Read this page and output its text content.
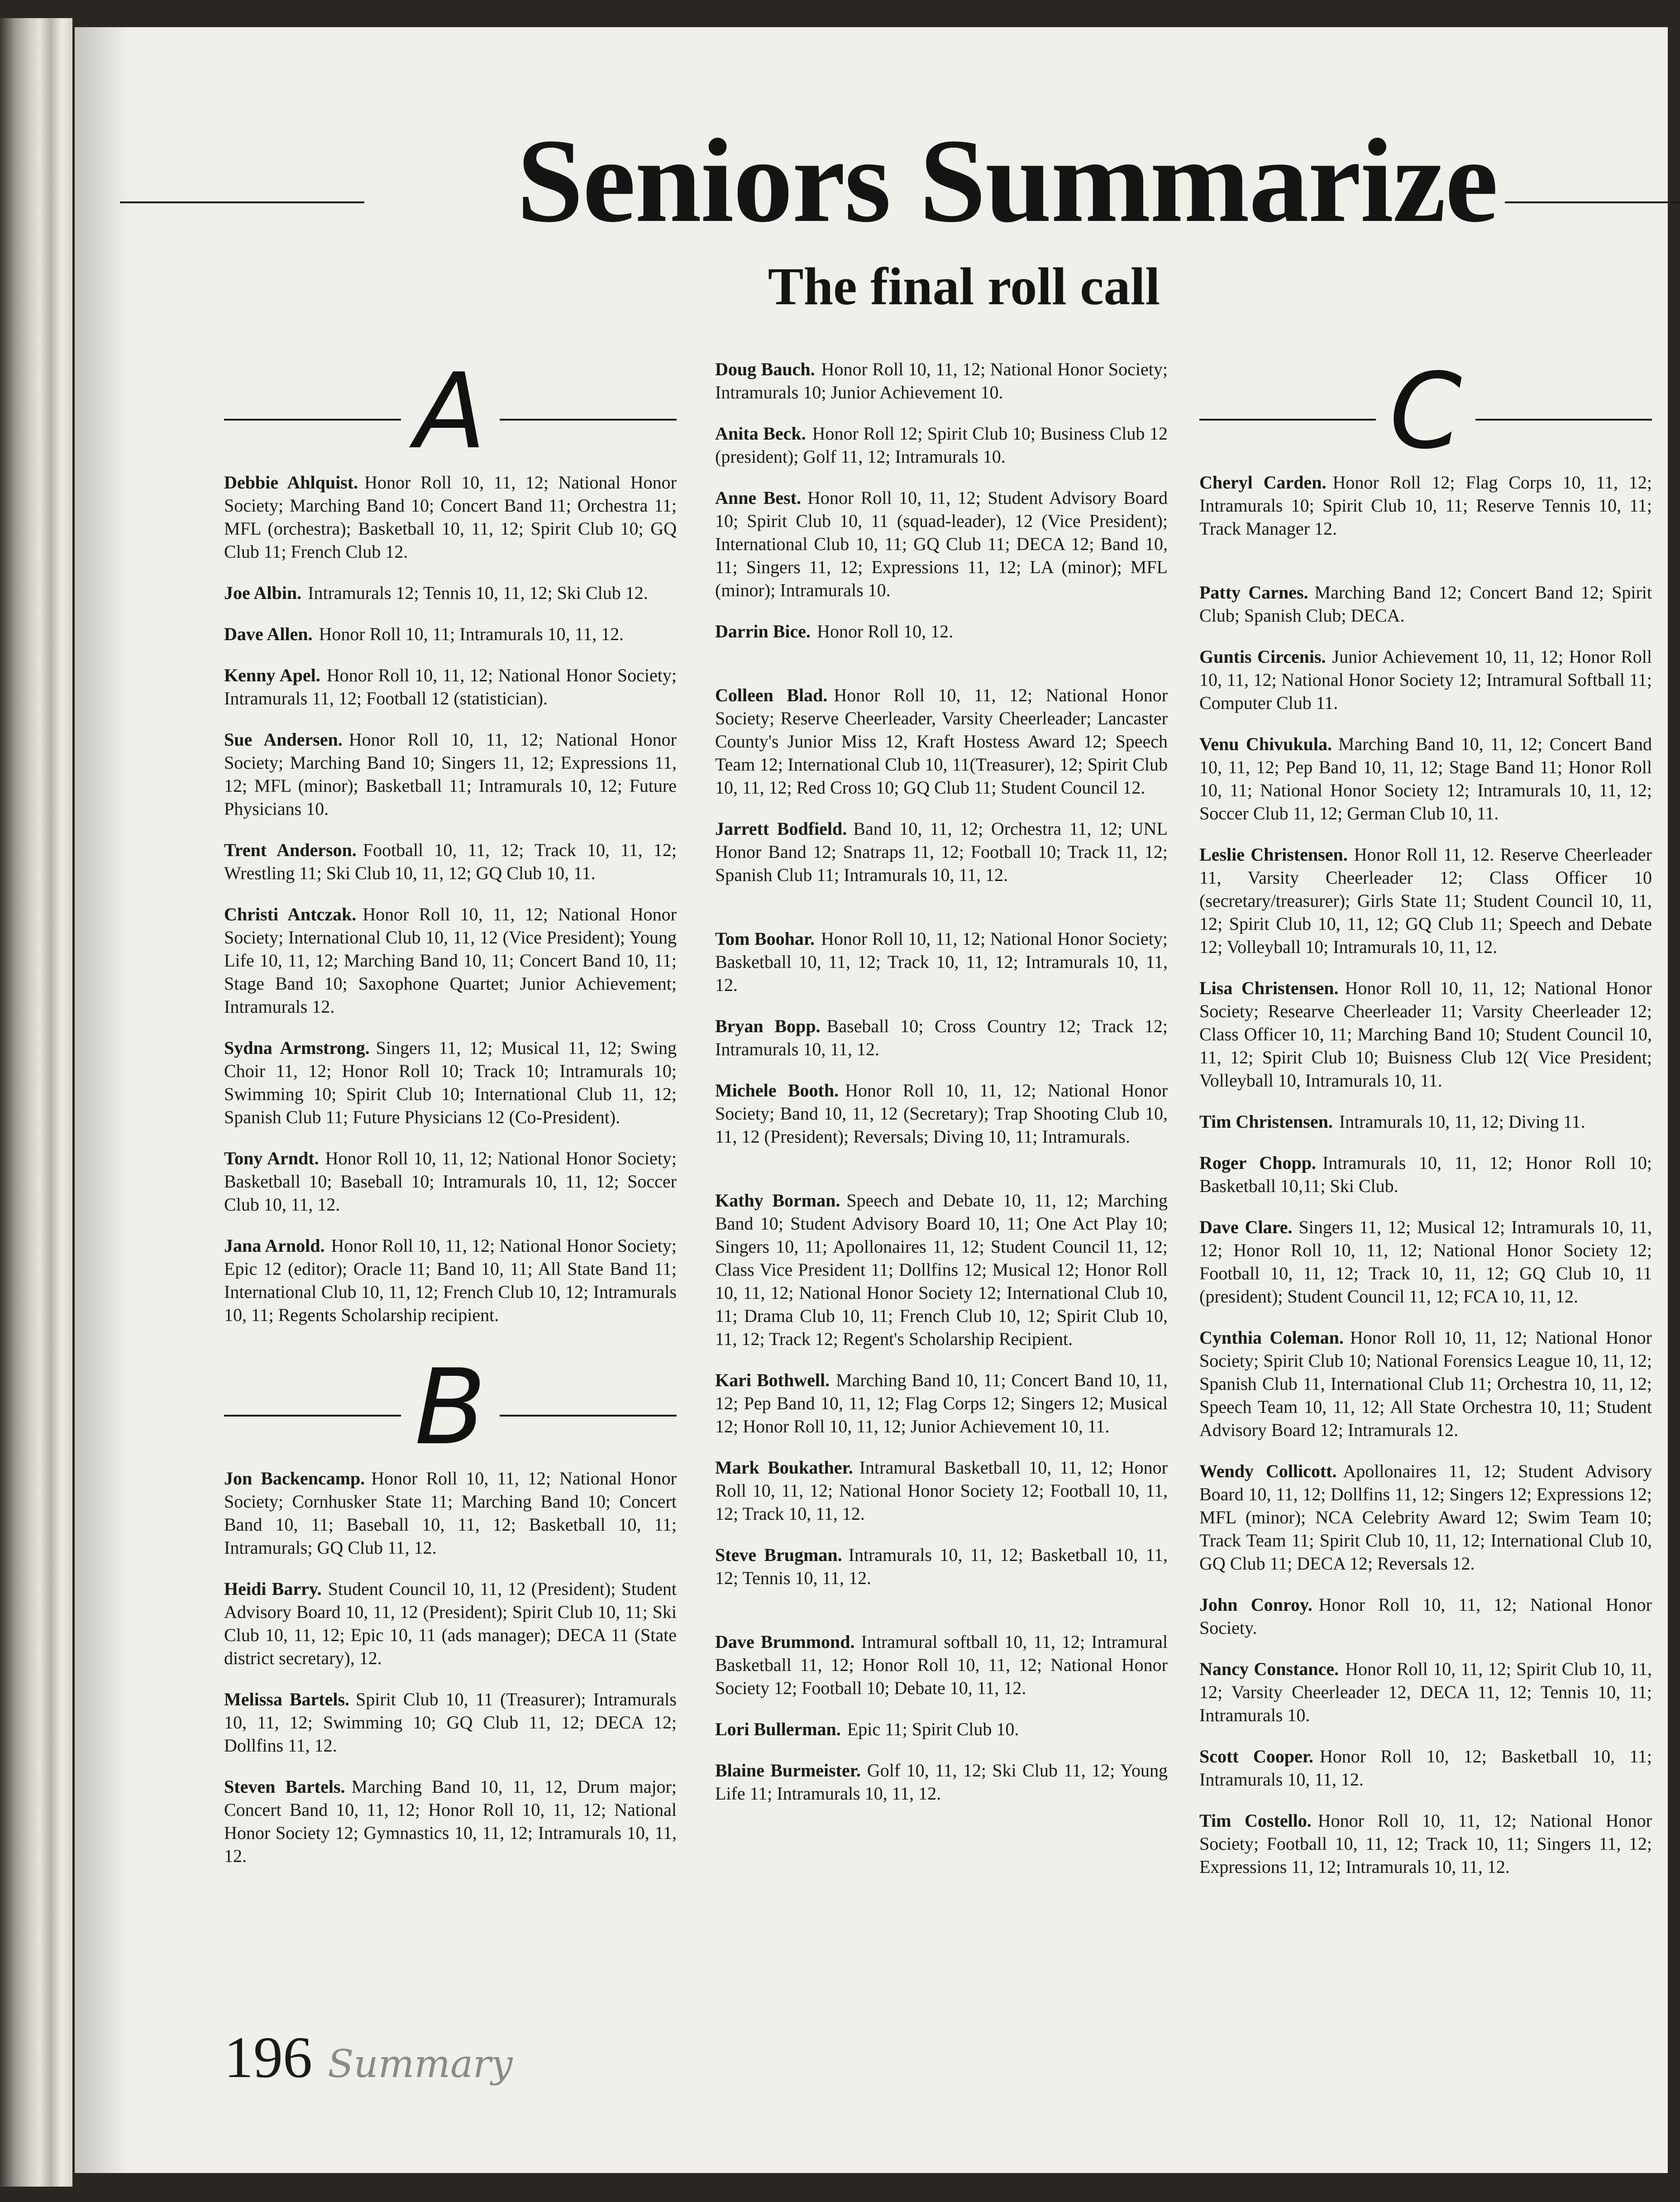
Seniors Summarize
The final roll call
A

Debbie Ahlquist. Honor Roll 10, 11, 12; National Honor Society; Marching Band 10; Concert Band 11; Orchestra 11; MFL (orchestra); Basketball 10, 11, 12; Spirit Club 10; GQ Club 11; French Club 12.

Joe Albin. Intramurals 12; Tennis 10, 11, 12; Ski Club 12.

Dave Allen. Honor Roll 10, 11; Intramurals 10, 11, 12.

Kenny Apel. Honor Roll 10, 11, 12; National Honor Society; Intramurals 11, 12; Football 12 (statistician).

Sue Andersen. Honor Roll 10, 11, 12; National Honor Society; Marching Band 10; Singers 11, 12; Expressions 11, 12; MFL (minor); Basketball 11; Intramurals 10, 12; Future Physicians 10.

Trent Anderson. Football 10, 11, 12; Track 10, 11, 12; Wrestling 11; Ski Club 10, 11, 12; GQ Club 10, 11.

Christi Antczak. Honor Roll 10, 11, 12; National Honor Society; International Club 10, 11, 12 (Vice President); Young Life 10, 11, 12; Marching Band 10, 11; Concert Band 10, 11; Stage Band 10; Saxophone Quartet; Junior Achievement; Intramurals 12.

Sydna Armstrong. Singers 11, 12; Musical 11, 12; Swing Choir 11, 12; Honor Roll 10; Track 10; Intramurals 10; Swimming 10; Spirit Club 10; International Club 11, 12; Spanish Club 11; Future Physicians 12 (Co-President).

Tony Arndt. Honor Roll 10, 11, 12; National Honor Society; Basketball 10; Baseball 10; Intramurals 10, 11, 12; Soccer Club 10, 11, 12.

Jana Arnold. Honor Roll 10, 11, 12; National Honor Society; Epic 12 (editor); Oracle 11; Band 10, 11; All State Band 11; International Club 10, 11, 12; French Club 10, 12; Intramurals 10, 11; Regents Scholarship recipient.

B

Jon Backencamp. Honor Roll 10, 11, 12; National Honor Society; Cornhusker State 11; Marching Band 10; Concert Band 10, 11; Baseball 10, 11, 12; Basketball 10, 11; Intramurals; GQ Club 11, 12.

Heidi Barry. Student Council 10, 11, 12 (President); Student Advisory Board 10, 11, 12 (President); Spirit Club 10, 11; Ski Club 10, 11, 12; Epic 10, 11 (ads manager); DECA 11 (State district secretary), 12.

Melissa Bartels. Spirit Club 10, 11 (Treasurer); Intramurals 10, 11, 12; Swimming 10; GQ Club 11, 12; DECA 12; Dollfins 11, 12.

Steven Bartels. Marching Band 10, 11, 12, Drum major; Concert Band 10, 11, 12; Honor Roll 10, 11, 12; National Honor Society 12; Gymnastics 10, 11, 12; Intramurals 10, 11, 12.

Doug Bauch. Honor Roll 10, 11, 12; National Honor Society; Intramurals 10; Junior Achievement 10.

Anita Beck. Honor Roll 12; Spirit Club 10; Business Club 12 (president); Golf 11, 12; Intramurals 10.

Anne Best. Honor Roll 10, 11, 12; Student Advisory Board 10; Spirit Club 10, 11 (squad-leader), 12 (Vice President); International Club 10, 11; GQ Club 11; DECA 12; Band 10, 11; Singers 11, 12; Expressions 11, 12; LA (minor); MFL (minor); Intramurals 10.

Darrin Bice. Honor Roll 10, 12.

Colleen Blad. Honor Roll 10, 11, 12; National Honor Society; Reserve Cheerleader, Varsity Cheerleader; Lancaster County's Junior Miss 12, Kraft Hostess Award 12; Speech Team 12; International Club 10, 11(Treasurer), 12; Spirit Club 10, 11, 12; Red Cross 10; GQ Club 11; Student Council 12.

Jarrett Bodfield. Band 10, 11, 12; Orchestra 11, 12; UNL Honor Band 12; Snatraps 11, 12; Football 10; Track 11, 12; Spanish Club 11; Intramurals 10, 11, 12.

Tom Boohar. Honor Roll 10, 11, 12; National Honor Society; Basketball 10, 11, 12; Track 10, 11, 12; Intramurals 10, 11, 12.

Bryan Bopp. Baseball 10; Cross Country 12; Track 12; Intramurals 10, 11, 12.

Michele Booth. Honor Roll 10, 11, 12; National Honor Society; Band 10, 11, 12 (Secretary); Trap Shooting Club 10, 11, 12 (President); Reversals; Diving 10, 11; Intramurals.

Kathy Borman. Speech and Debate 10, 11, 12; Marching Band 10; Student Advisory Board 10, 11; One Act Play 10; Singers 10, 11; Apollonaires 11, 12; Student Council 11, 12; Class Vice President 11; Dollfins 12; Musical 12; Honor Roll 10, 11, 12; National Honor Society 12; International Club 10, 11; Drama Club 10, 11; French Club 10, 12; Spirit Club 10, 11, 12; Track 12; Regent's Scholarship Recipient.

Kari Bothwell. Marching Band 10, 11; Concert Band 10, 11, 12; Pep Band 10, 11, 12; Flag Corps 12; Singers 12; Musical 12; Honor Roll 10, 11, 12; Junior Achievement 10, 11.

Mark Boukather. Intramural Basketball 10, 11, 12; Honor Roll 10, 11, 12; National Honor Society 12; Football 10, 11, 12; Track 10, 11, 12.

Steve Brugman. Intramurals 10, 11, 12; Basketball 10, 11, 12; Tennis 10, 11, 12.

Dave Brummond. Intramural softball 10, 11, 12; Intramural Basketball 11, 12; Honor Roll 10, 11, 12; National Honor Society 12; Football 10; Debate 10, 11, 12.

Lori Bullerman. Epic 11; Spirit Club 10.

Blaine Burmeister. Golf 10, 11, 12; Ski Club 11, 12; Young Life 11; Intramurals 10, 11, 12.

C

Cheryl Carden. Honor Roll 12; Flag Corps 10, 11, 12; Intramurals 10; Spirit Club 10, 11; Reserve Tennis 10, 11; Track Manager 12.

Patty Carnes. Marching Band 12; Concert Band 12; Spirit Club; Spanish Club; DECA.

Guntis Circenis. Junior Achievement 10, 11, 12; Honor Roll 10, 11, 12; National Honor Society 12; Intramural Softball 11; Computer Club 11.

Venu Chivukula. Marching Band 10, 11, 12; Concert Band 10, 11, 12; Pep Band 10, 11, 12; Stage Band 11; Honor Roll 10, 11; National Honor Society 12; Intramurals 10, 11, 12; Soccer Club 11, 12; German Club 10, 11.

Leslie Christensen. Honor Roll 11, 12. Reserve Cheerleader 11, Varsity Cheerleader 12; Class Officer 10 (secretary/treasurer); Girls State 11; Student Council 10, 11, 12; Spirit Club 10, 11, 12; GQ Club 11; Speech and Debate 12; Volleyball 10; Intramurals 10, 11, 12.

Lisa Christensen. Honor Roll 10, 11, 12; National Honor Society; Researve Cheerleader 11; Varsity Cheerleader 12; Class Officer 10, 11; Marching Band 10; Student Council 10, 11, 12; Spirit Club 10; Buisness Club 12( Vice President; Volleyball 10, Intramurals 10, 11.

Tim Christensen. Intramurals 10, 11, 12; Diving 11.

Roger Chopp. Intramurals 10, 11, 12; Honor Roll 10; Basketball 10,11; Ski Club.

Dave Clare. Singers 11, 12; Musical 12; Intramurals 10, 11, 12; Honor Roll 10, 11, 12; National Honor Society 12; Football 10, 11, 12; Track 10, 11, 12; GQ Club 10, 11 (president); Student Council 11, 12; FCA 10, 11, 12.

Cynthia Coleman. Honor Roll 10, 11, 12; National Honor Society; Spirit Club 10; National Forensics League 10, 11, 12; Spanish Club 11, International Club 11; Orchestra 10, 11, 12; Speech Team 10, 11, 12; All State Orchestra 10, 11; Student Advisory Board 12; Intramurals 12.

Wendy Collicott. Apollonaires 11, 12; Student Advisory Board 10, 11, 12; Dollfins 11, 12; Singers 12; Expressions 12; MFL (minor); NCA Celebrity Award 12; Swim Team 10; Track Team 11; Spirit Club 10, 11, 12; International Club 10, GQ Club 11; DECA 12; Reversals 12.

John Conroy. Honor Roll 10, 11, 12; National Honor Society.

Nancy Constance. Honor Roll 10, 11, 12; Spirit Club 10, 11, 12; Varsity Cheerleader 12, DECA 11, 12; Tennis 10, 11; Intramurals 10.

Scott Cooper. Honor Roll 10, 12; Basketball 10, 11; Intramurals 10, 11, 12.

Tim Costello. Honor Roll 10, 11, 12; National Honor Society; Football 10, 11, 12; Track 10, 11; Singers 11, 12; Expressions 11, 12; Intramurals 10, 11, 12.

196 Summary
